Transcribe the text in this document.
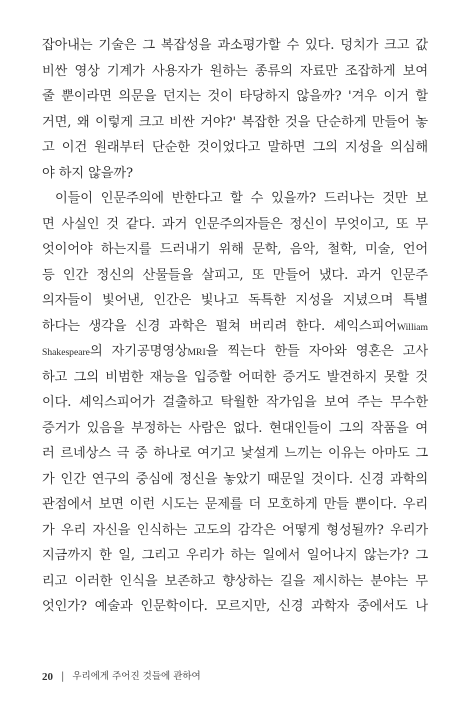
잡아내는 기술은 그 복잡성을 과소평가할 수 있다. 덩치가 크고 값
비싼 영상 기계가 사용자가 원하는 종류의 자료만 조잡하게 보여
줄 뿐이라면 의문을 던지는 것이 타당하지 않을까? '겨우 이거 할
거면, 왜 이렇게 크고 비싼 거야?' 복잡한 것을 단순하게 만들어 놓
고 이건 원래부터 단순한 것이었다고 말하면 그의 지성을 의심해
야 하지 않을까?
이들이 인문주의에 반한다고 할 수 있을까? 드러나는 것만 보
면 사실인 것 같다. 과거 인문주의자들은 정신이 무엇이고, 또 무
엇이어야 하는지를 드러내기 위해 문학, 음악, 철학, 미술, 언어
등 인간 정신의 산물들을 살피고, 또 만들어 냈다. 과거 인문주
의자들이 빛어낸, 인간은 빛나고 독특한 지성을 지녔으며 특별
하다는 생각을 신경 과학은 펄쳐 버리려 한다. 셰익스피어William
Shakespeare의 자기공명영상MRI을 찍는다 한들 자아와 영혼은 고사
하고 그의 비범한 재능을 입증할 어떠한 증거도 발견하지 못할 것
이다. 셰익스피어가 걸출하고 탁월한 작가임을 보여 주는 무수한
증거가 있음을 부정하는 사람은 없다. 현대인들이 그의 작품을 여
러 르네상스 극 중 하나로 여기고 낯설게 느끼는 이유는 아마도 그
가 인간 연구의 중심에 정신을 놓았기 때문일 것이다. 신경 과학의
관점에서 보면 이런 시도는 문제를 더 모호하게 만들 뿐이다. 우리
가 우리 자신을 인식하는 고도의 감각은 어떻게 형성될까? 우리가
지금까지 한 일, 그리고 우리가 하는 일에서 일어나지 않는가? 그
리고 이러한 인식을 보존하고 향상하는 길을 제시하는 분야는 무
엇인가? 예술과 인문학이다. 모르지만, 신경 과학자 중에서도 나
20 | 우리에게 주어진 것들에 관하여
